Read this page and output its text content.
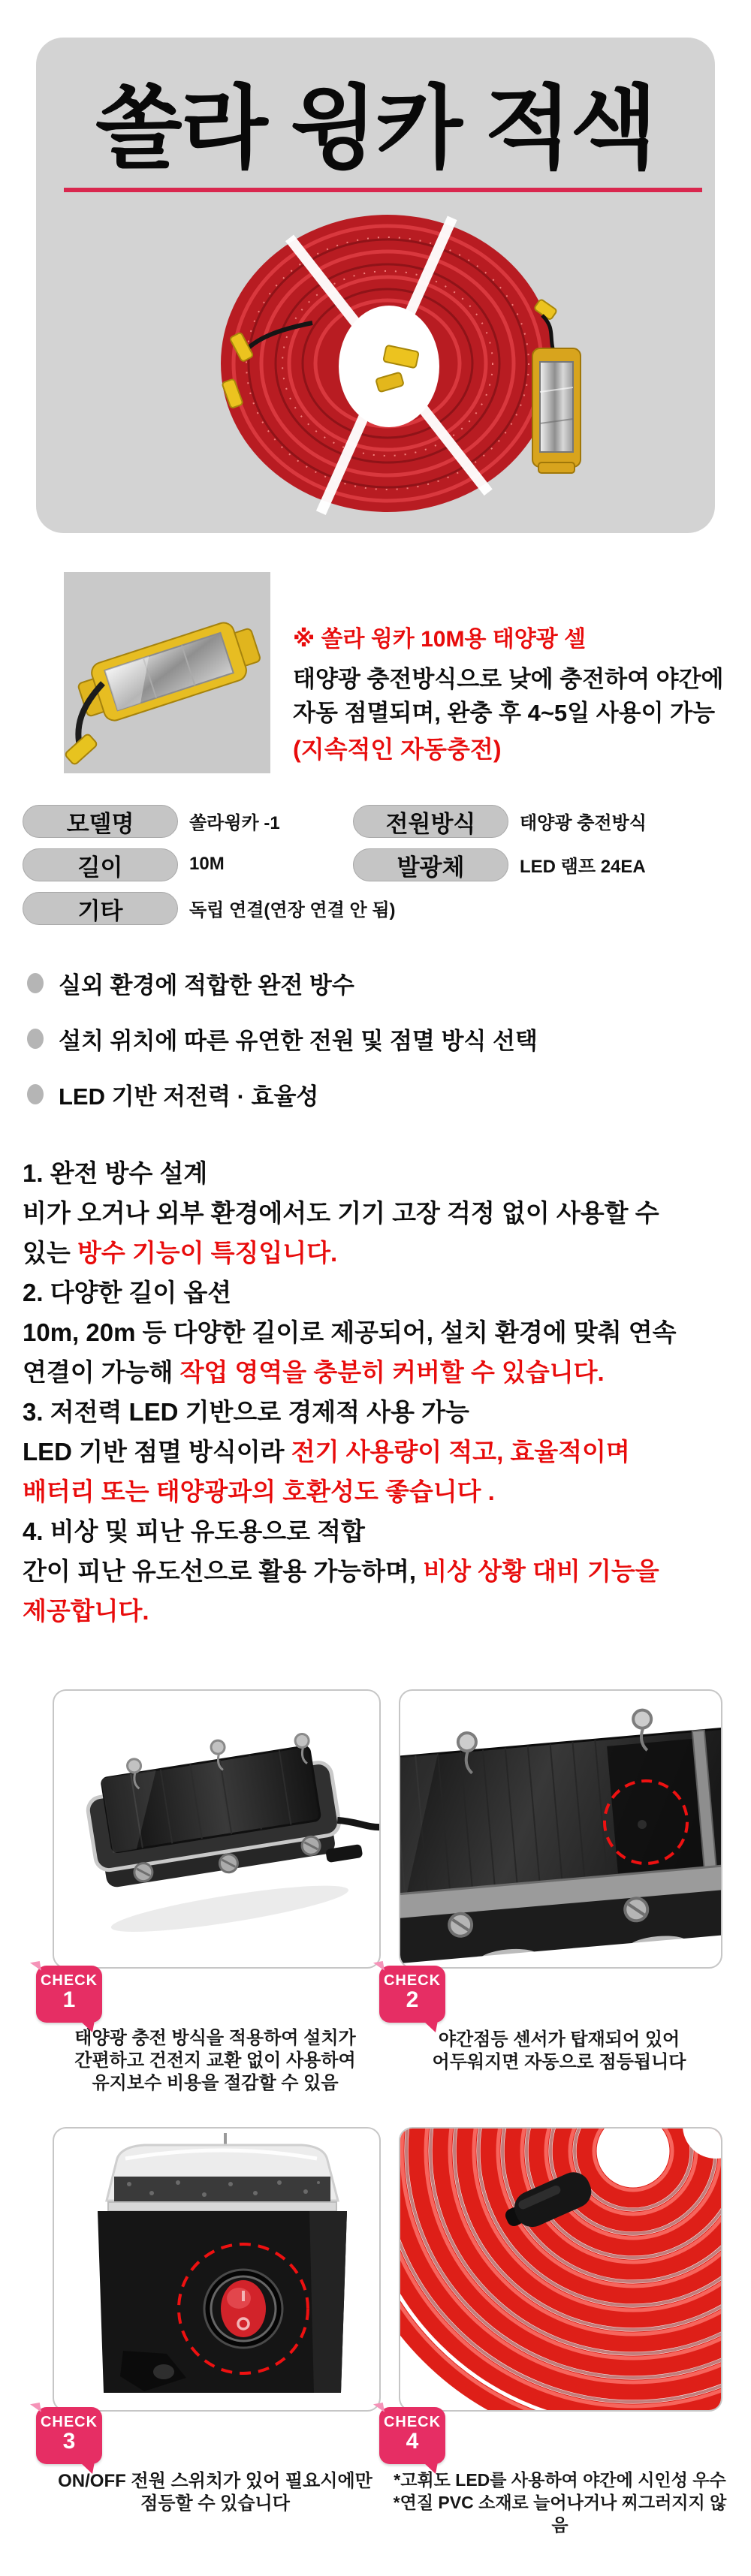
쏠라 윙카 적색
※ 쏠라 윙카 10M용 태양광 셀
태양광 충전방식으로 낮에 충전하여 야간에
자동 점멸되며, 완충 후 4~5일 사용이 가능
(지속적인 자동충전)
모델명	쏠라윙카 -1	전원방식	태양광 충전방식
길이	10M	발광체	LED 램프 24EA
기타	독립 연결(연장 연결 안 됨)
실외 환경에 적합한 완전 방수
설치 위치에 따른 유연한 전원 및 점멸 방식 선택
LED 기반 저전력 · 효율성
1. 완전 방수 설계
비가 오거나 외부 환경에서도 기기 고장 걱정 없이 사용할 수
있는 방수 기능이 특징입니다.
2. 다양한 길이 옵션
10m, 20m 등 다양한 길이로 제공되어, 설치 환경에 맞춰 연속
연결이 가능해 작업 영역을 충분히 커버할 수 있습니다.
3. 저전력 LED 기반으로 경제적 사용 가능
LED 기반 점멸 방식이라 전기 사용량이 적고, 효율적이며
배터리 또는 태양광과의 호환성도 좋습니다 .
4. 비상 및 피난 유도용으로 적합
간이 피난 유도선으로 활용 가능하며, 비상 상황 대비 기능을
제공합니다.
CHECK
1
태양광 충전 방식을 적용하여 설치가
간편하고 건전지 교환 없이 사용하여
유지보수 비용을 절감할 수 있음
CHECK
2
야간점등 센서가 탑재되어 있어
어두워지면 자동으로 점등됩니다
CHECK
3
ON/OFF 전원 스위치가 있어 필요시에만
점등할 수 있습니다
CHECK
4
*고휘도 LED를 사용하여 야간에 시인성 우수
*연질 PVC 소재로 늘어나거나 찌그러지지 않음
